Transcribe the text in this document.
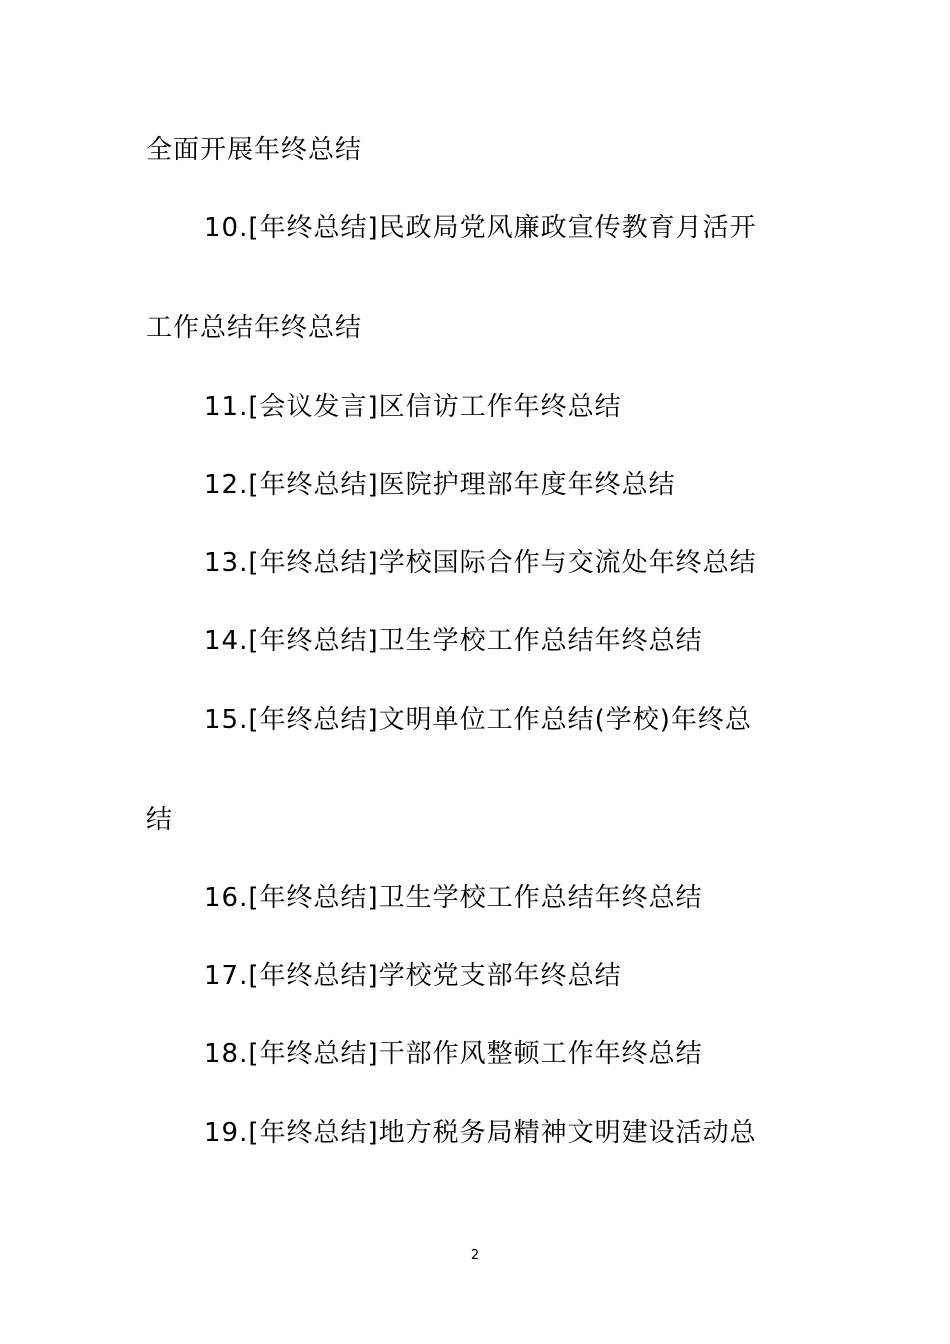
全面开展年终总结
10.[年终总结]民政局党风廉政宣传教育月活开
工作总结年终总结
11.[会议发言]区信访工作年终总结
12.[年终总结]医院护理部年度年终总结
13.[年终总结]学校国际合作与交流处年终总结
14.[年终总结]卫生学校工作总结年终总结
15.[年终总结]文明单位工作总结(学校)年终总
结
16.[年终总结]卫生学校工作总结年终总结
17.[年终总结]学校党支部年终总结
18.[年终总结]干部作风整顿工作年终总结
19.[年终总结]地方税务局精神文明建设活动总
2
